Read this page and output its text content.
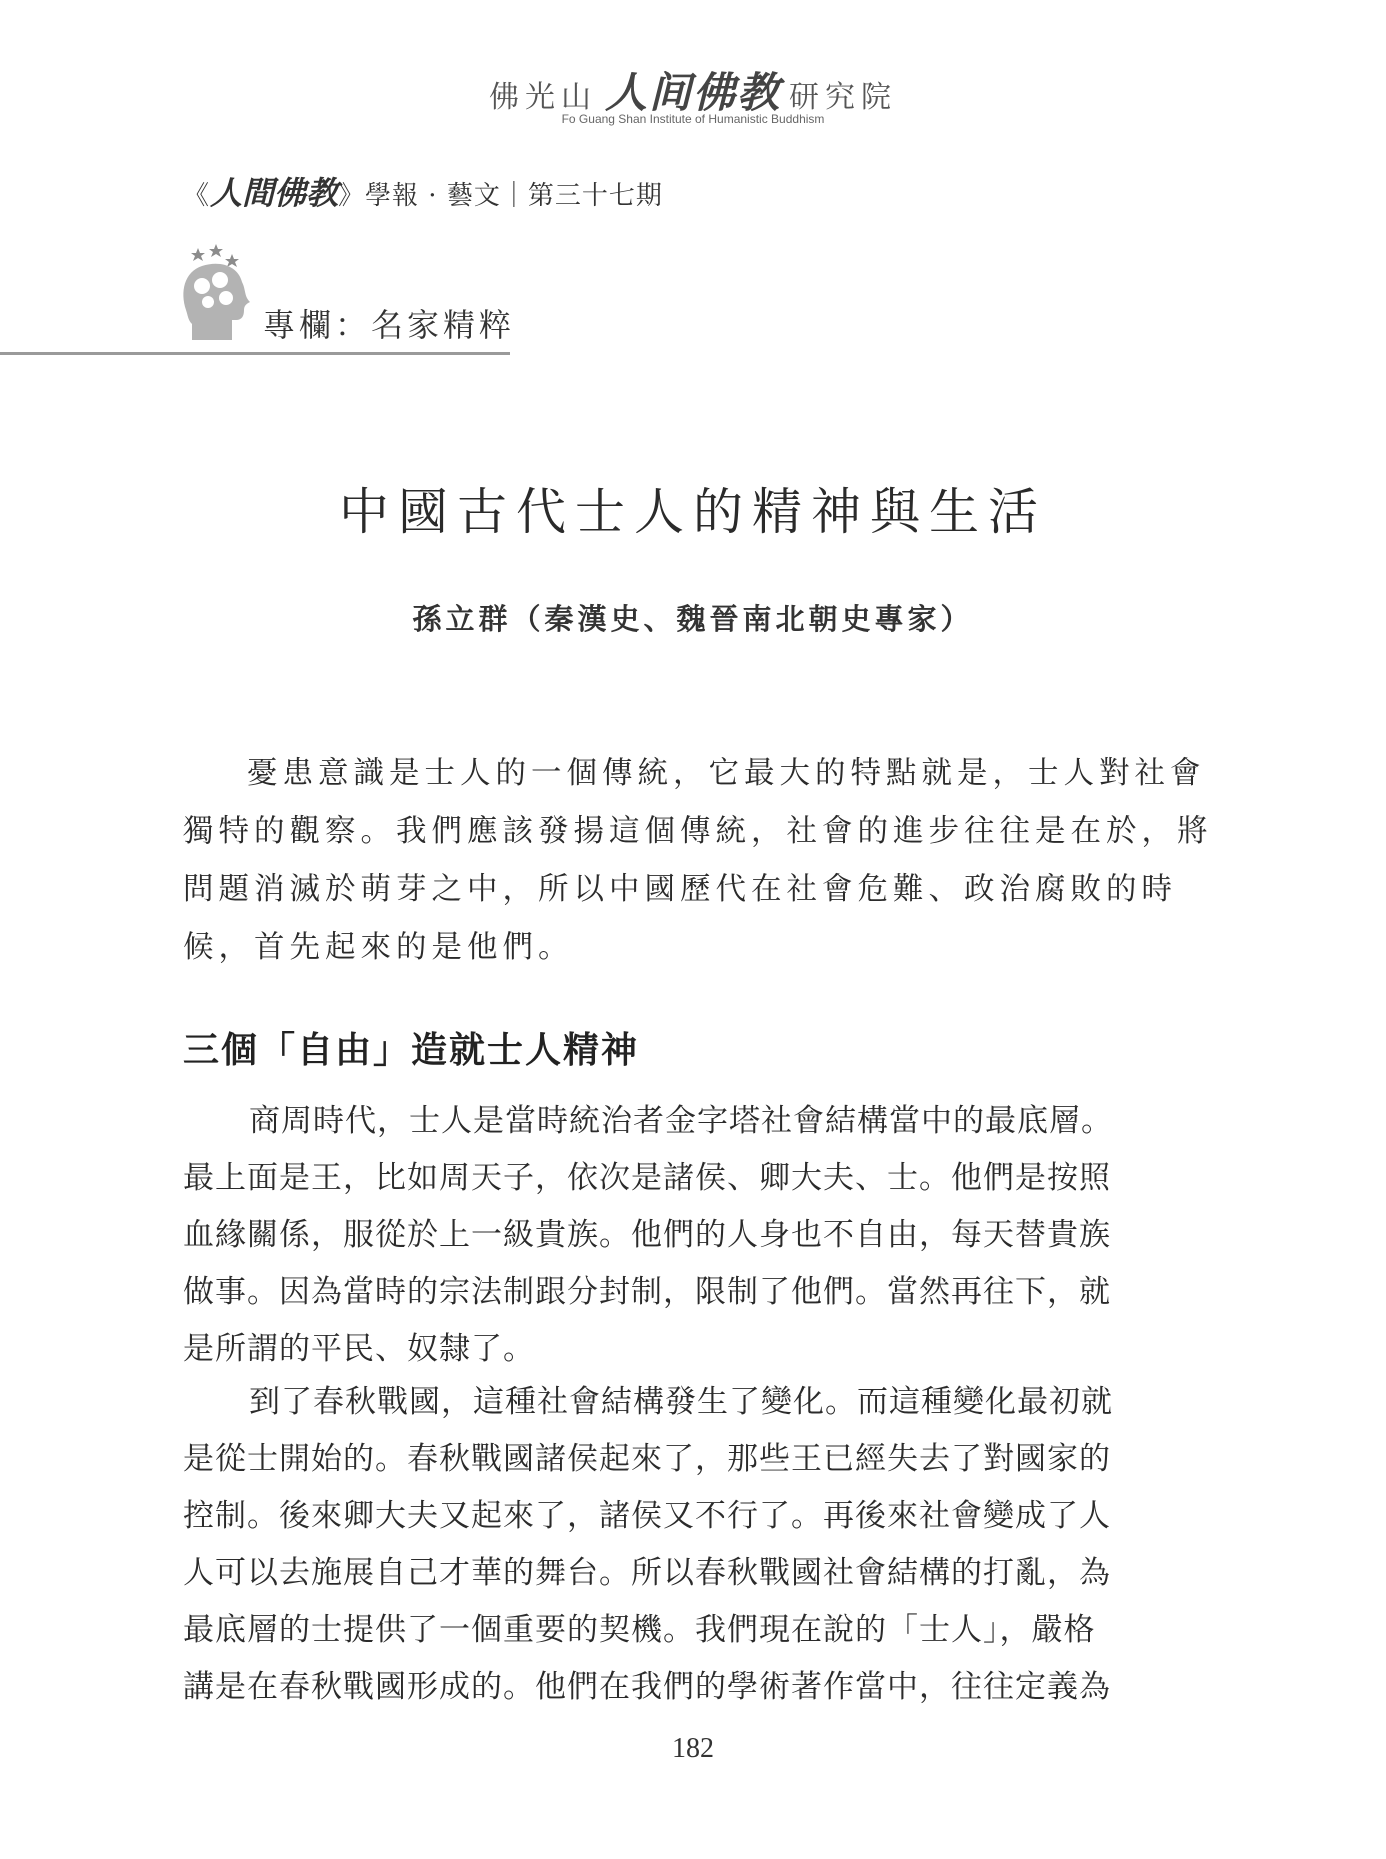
佛光山 人间佛教 研究院
Fo Guang Shan Institute of Humanistic Buddhism
《人間佛教》學報 · 藝文｜第三十七期
專欄：名家精粹
中國古代士人的精神與生活
孫立群（秦漢史、魏晉南北朝史專家）
憂患意識是士人的一個傳統，它最大的特點就是，士人對社會
獨特的觀察。我們應該發揚這個傳統，社會的進步往往是在於，將
問題消滅於萌芽之中，所以中國歷代在社會危難、政治腐敗的時
候，首先起來的是他們。
三個「自由」造就士人精神
商周時代，士人是當時統治者金字塔社會結構當中的最底層。
最上面是王，比如周天子，依次是諸侯、卿大夫、士。他們是按照
血緣關係，服從於上一級貴族。他們的人身也不自由，每天替貴族
做事。因為當時的宗法制跟分封制，限制了他們。當然再往下，就
是所謂的平民、奴隸了。
到了春秋戰國，這種社會結構發生了變化。而這種變化最初就
是從士開始的。春秋戰國諸侯起來了，那些王已經失去了對國家的
控制。後來卿大夫又起來了，諸侯又不行了。再後來社會變成了人
人可以去施展自己才華的舞台。所以春秋戰國社會結構的打亂，為
最底層的士提供了一個重要的契機。我們現在說的「士人」，嚴格
講是在春秋戰國形成的。他們在我們的學術著作當中，往往定義為
182
